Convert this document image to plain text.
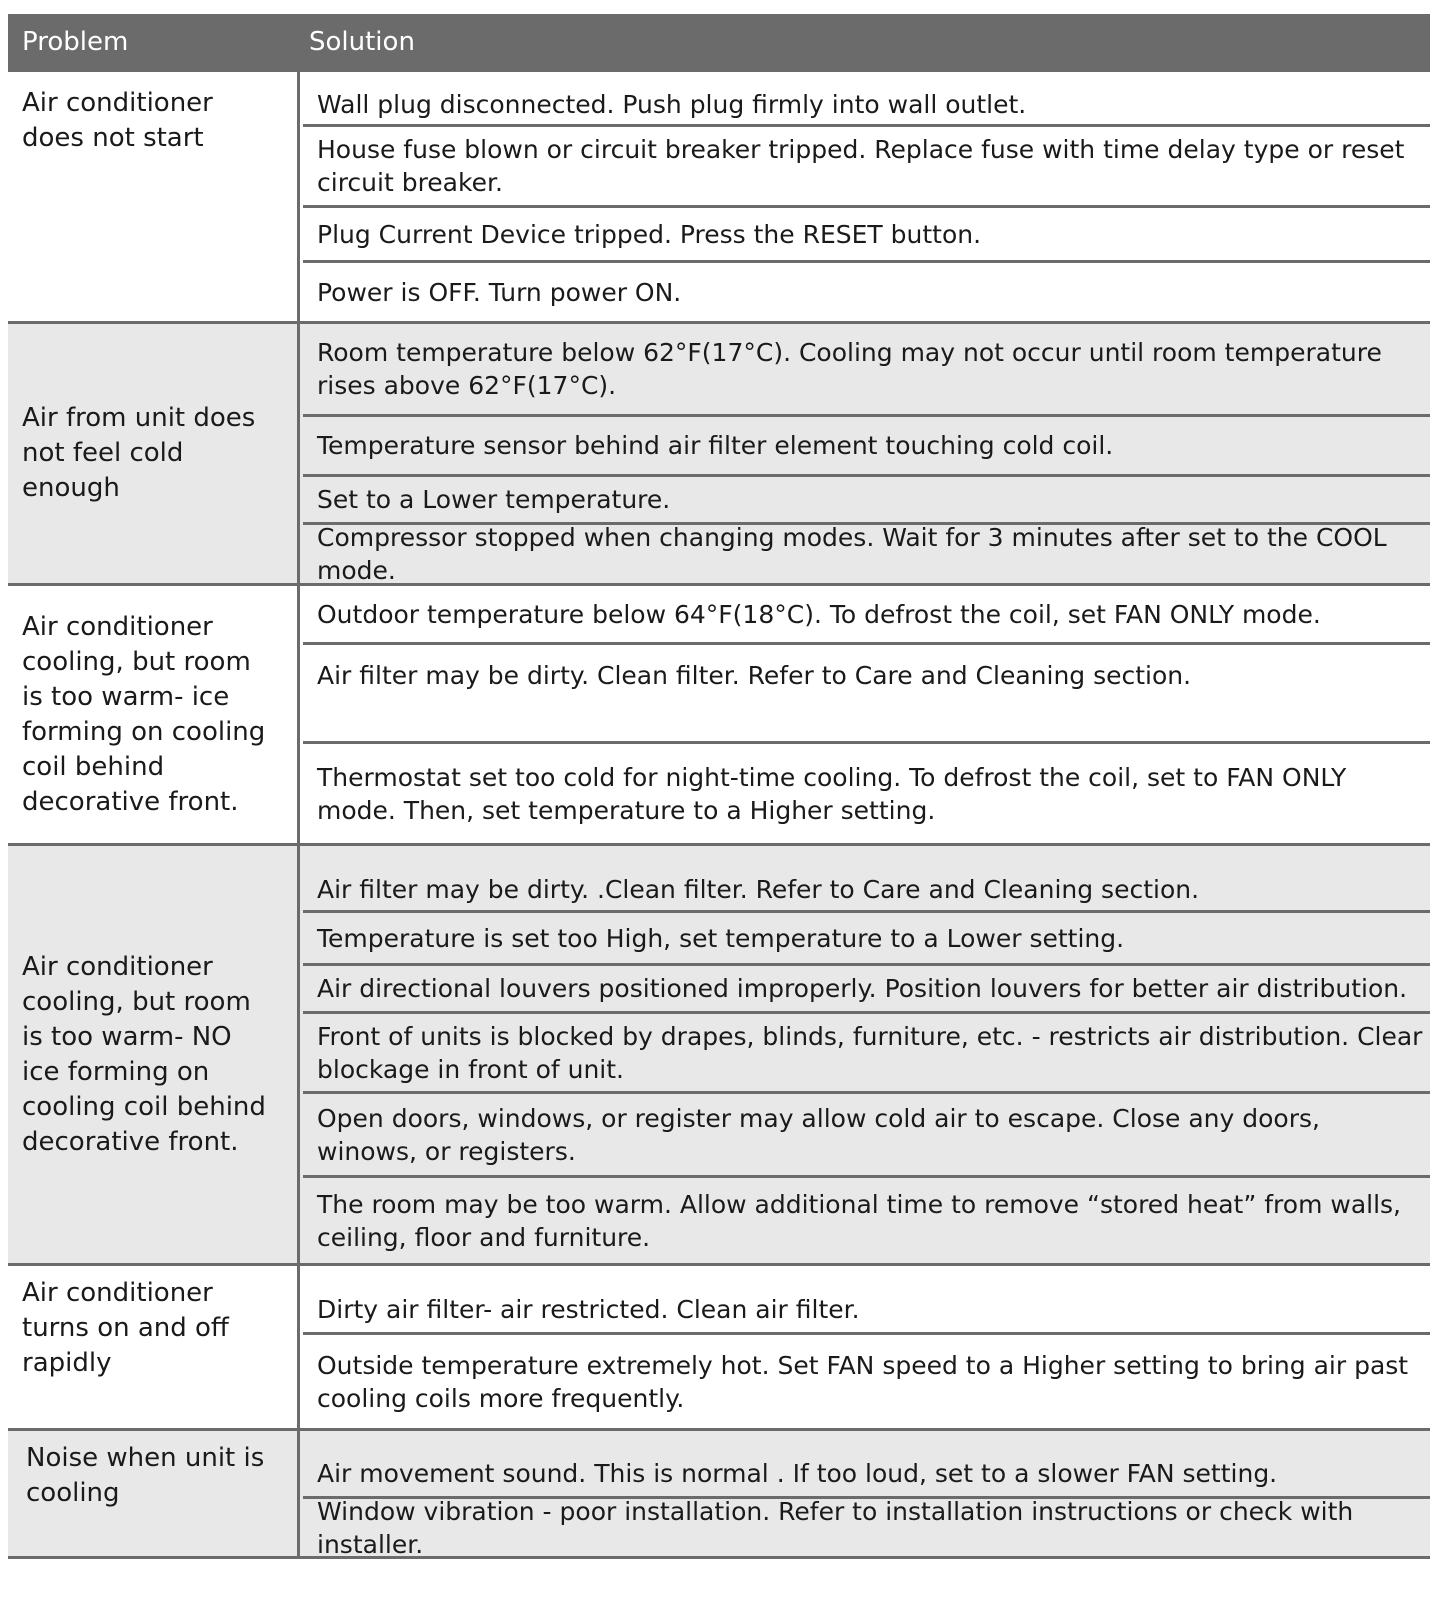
Problem	Solution
Air conditioner
does not start
Wall plug disconnected. Push plug firmly into wall outlet.
House fuse blown or circuit breaker tripped. Replace fuse with time delay type or reset circuit breaker.
Plug Current Device tripped. Press the RESET button.
Power is OFF. Turn power ON.
Air from unit does
not feel cold
enough
Room temperature below 62°F(17°C). Cooling may not occur until room temperature rises above 62°F(17°C).
Temperature sensor behind air filter element touching cold coil.
Set to a Lower temperature.
Compressor stopped when changing modes. Wait for 3 minutes after set to the COOL mode.
Air conditioner
cooling, but room
is too warm- ice
forming on cooling
coil behind
decorative front.
Outdoor temperature below 64°F(18°C). To defrost the coil, set FAN ONLY mode.
Air filter may be dirty. Clean filter. Refer to Care and Cleaning section.
Thermostat set too cold for night-time cooling. To defrost the coil, set to FAN ONLY mode. Then, set temperature to a Higher setting.
Air conditioner
cooling, but room
is too warm- NO
ice forming on
cooling coil behind
decorative front.
Air filter may be dirty. .Clean filter. Refer to Care and Cleaning section.
Temperature is set too High, set temperature to a Lower setting.
Air directional louvers positioned improperly. Position louvers for better air distribution.
Front of units is blocked by drapes, blinds, furniture, etc. - restricts air distribution. Clear blockage in front of unit.
Open doors, windows, or register may allow cold air to escape. Close any doors, winows, or registers.
The room may be too warm. Allow additional time to remove “stored heat” from walls, ceiling, floor and furniture.
Air conditioner
turns on and off
rapidly
Dirty air filter- air restricted. Clean air filter.
Outside temperature extremely hot. Set FAN speed to a Higher setting to bring air past cooling coils more frequently.
Noise when unit is
cooling
Air movement sound. This is normal . If too loud, set to a slower FAN setting.
Window vibration - poor installation. Refer to installation instructions or check with installer.
